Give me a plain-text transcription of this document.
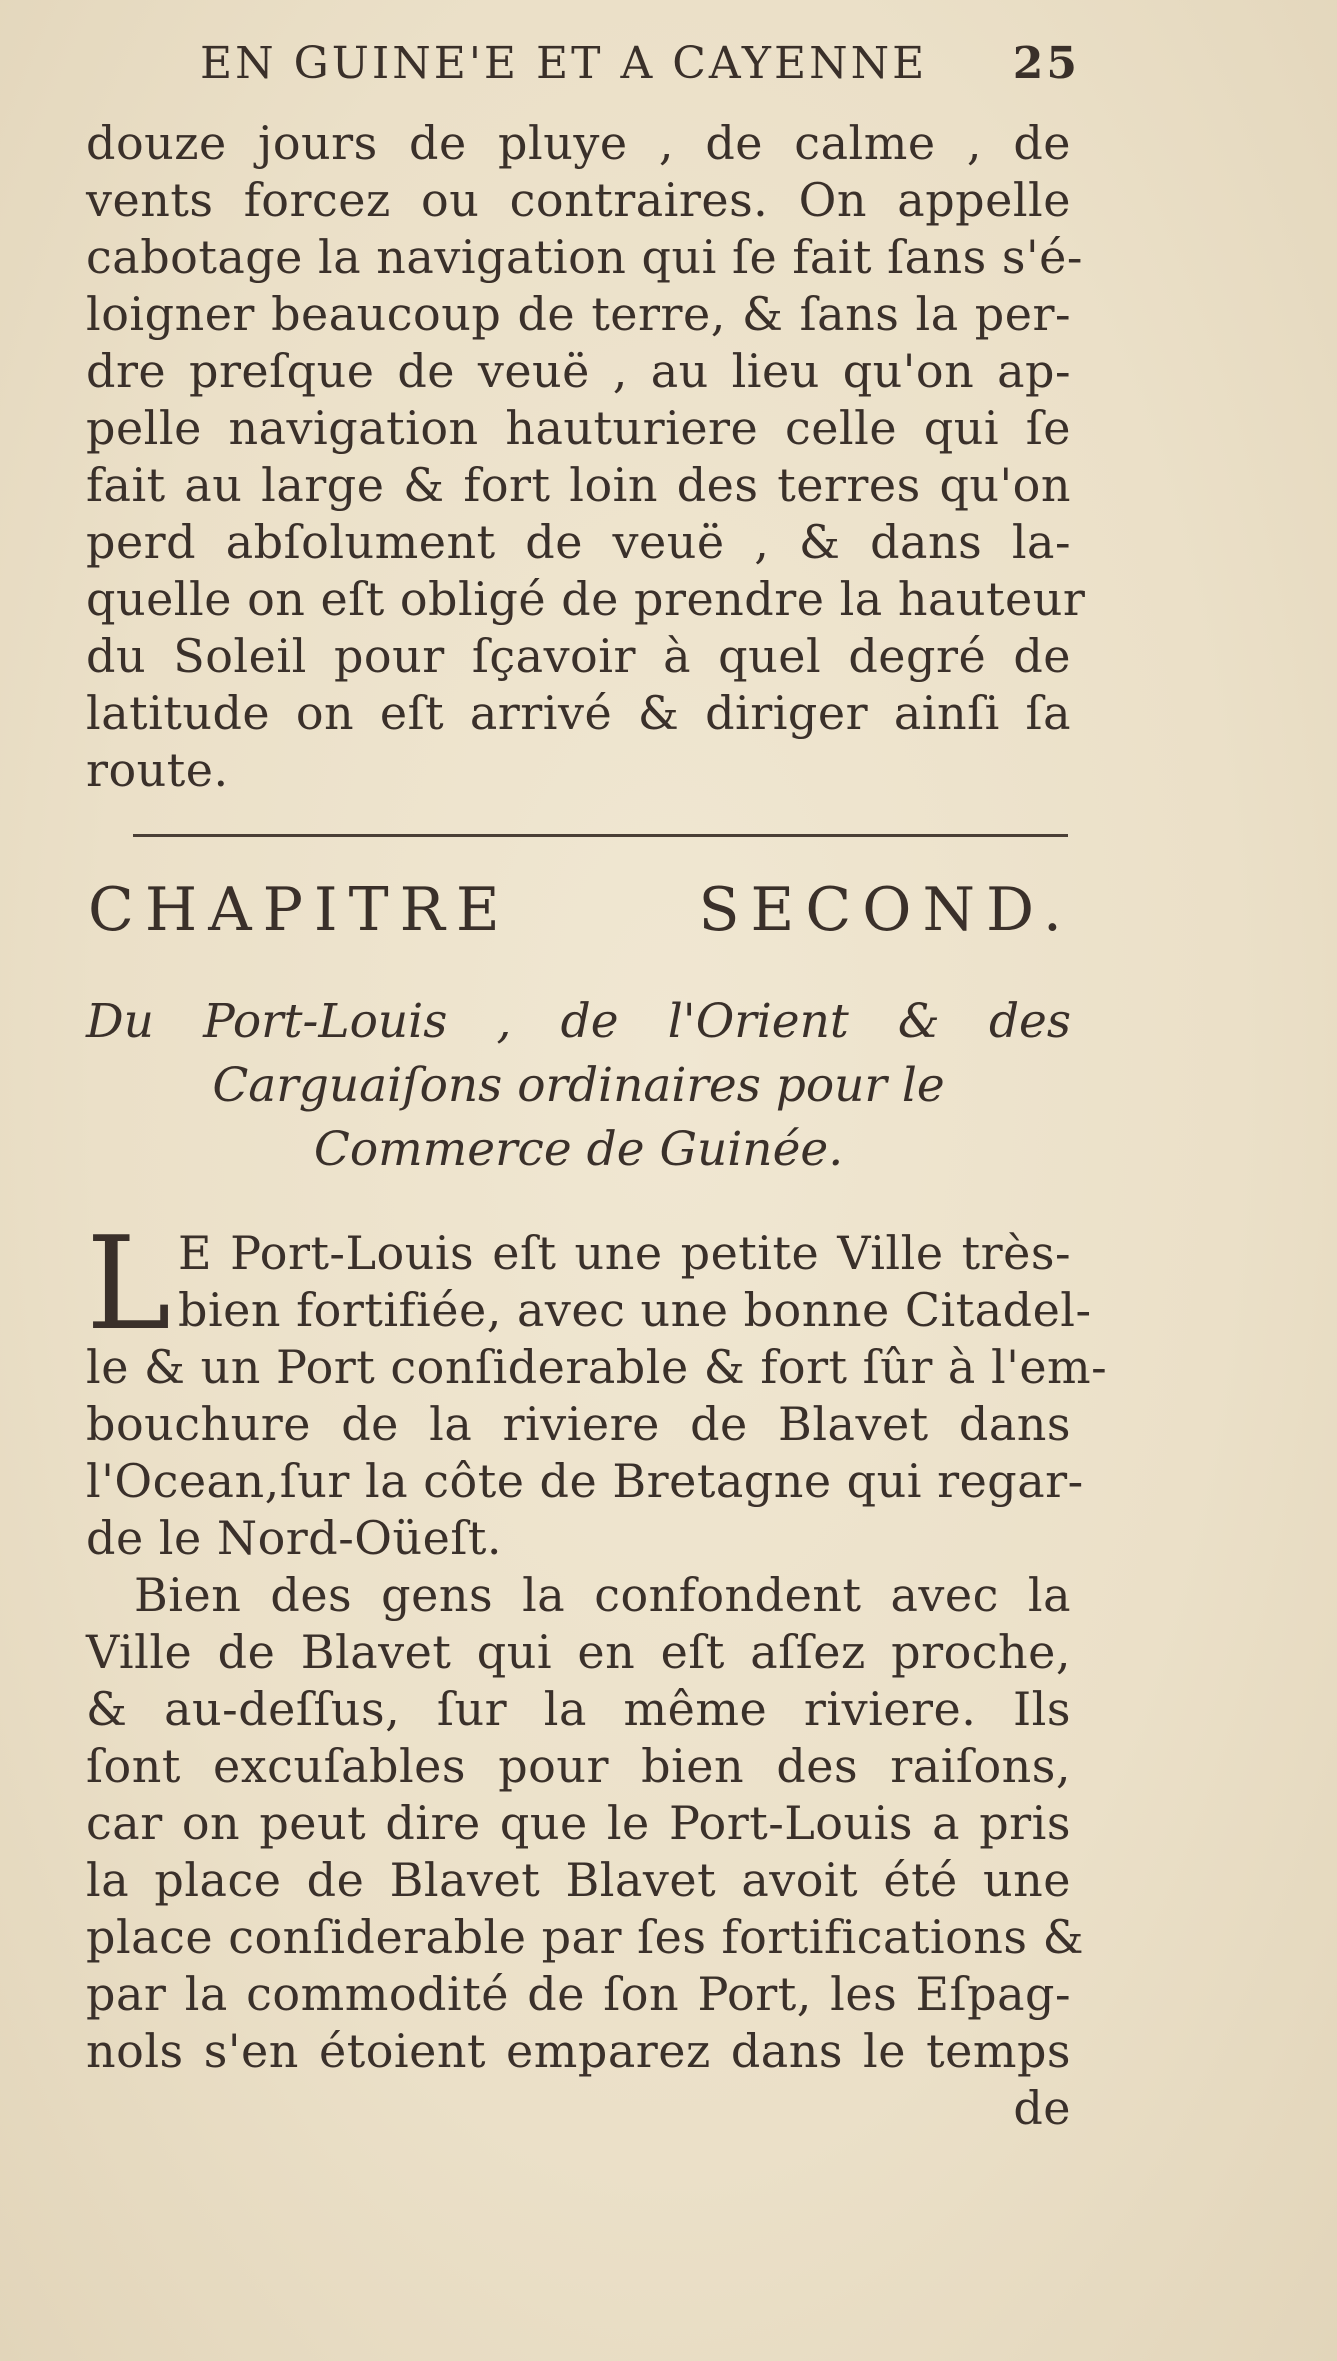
EN GUINE'E ET A CAYENNE 25
douze jours de pluye , de calme , de
vents forcez ou contraires. On appelle
cabotage la navigation qui ſe fait ſans s'é-
loigner beaucoup de terre, & ſans la per-
dre preſque de veuë , au lieu qu'on ap-
pelle navigation hauturiere celle qui ſe
fait au large & fort loin des terres qu'on
perd abſolument de veuë , & dans la-
quelle on eſt obligé de prendre la hauteur
du Soleil pour ſçavoir à quel degré de
latitude on eſt arrivé & diriger ainſi ſa
route.
CHAPITRE SECOND.
Du Port-Louis , de l'Orient & des
Carguaiſons ordinaires pour le
Commerce de Guinée.
L E Port-Louis eſt une petite Ville très-
bien fortifiée, avec une bonne Citadel-
le & un Port conſiderable & fort ſûr à l'em-
bouchure de la riviere de Blavet dans
l'Ocean,ſur la côte de Bretagne qui regar-
de le Nord-Oüeſt.
Bien des gens la confondent avec la
Ville de Blavet qui en eſt aſſez proche,
& au-deſſus, ſur la même riviere. Ils
ſont excuſables pour bien des raiſons,
car on peut dire que le Port-Louis a pris
la place de Blavet Blavet avoit été une
place conſiderable par ſes fortifications &
par la commodité de ſon Port, les Eſpag-
nols s'en étoient emparez dans le temps
de
